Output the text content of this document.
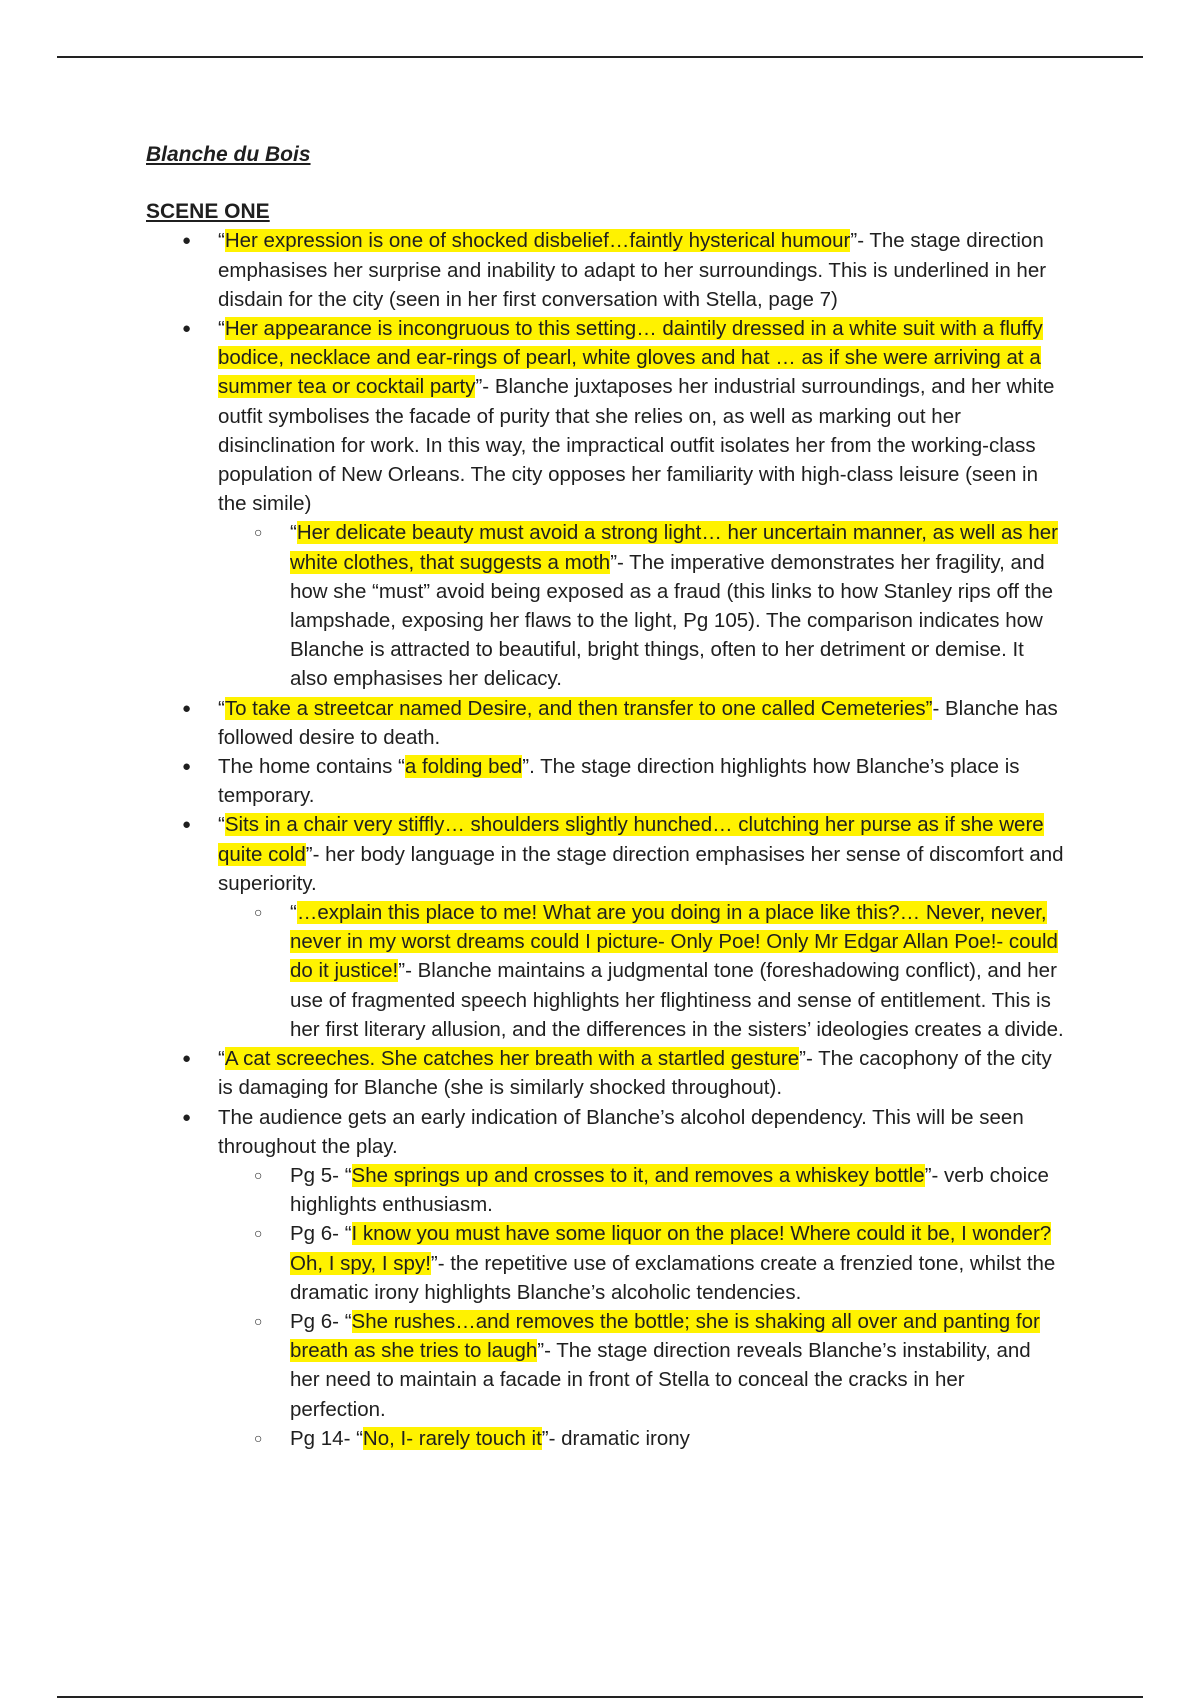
Blanche du Bois

SCENE ONE

● “Her expression is one of shocked disbelief…faintly hysterical humour”- The stage direction emphasises her surprise and inability to adapt to her surroundings. This is underlined in her disdain for the city (seen in her first conversation with Stella, page 7)
● “Her appearance is incongruous to this setting… daintily dressed in a white suit with a fluffy bodice, necklace and ear-rings of pearl, white gloves and hat … as if she were arriving at a summer tea or cocktail party”- Blanche juxtaposes her industrial surroundings, and her white outfit symbolises the facade of purity that she relies on, as well as marking out her disinclination for work. In this way, the impractical outfit isolates her from the working-class population of New Orleans. The city opposes her familiarity with high-class leisure (seen in the simile)
○ “Her delicate beauty must avoid a strong light… her uncertain manner, as well as her white clothes, that suggests a moth”- The imperative demonstrates her fragility, and how she “must” avoid being exposed as a fraud (this links to how Stanley rips off the lampshade, exposing her flaws to the light, Pg 105). The comparison indicates how Blanche is attracted to beautiful, bright things, often to her detriment or demise. It also emphasises her delicacy.
● “To take a streetcar named Desire, and then transfer to one called Cemeteries”- Blanche has followed desire to death.
● The home contains “a folding bed”. The stage direction highlights how Blanche’s place is temporary.
● “Sits in a chair very stiffly… shoulders slightly hunched… clutching her purse as if she were quite cold”- her body language in the stage direction emphasises her sense of discomfort and superiority.
○ “…explain this place to me! What are you doing in a place like this?… Never, never, never in my worst dreams could I picture- Only Poe! Only Mr Edgar Allan Poe!- could do it justice!”- Blanche maintains a judgmental tone (foreshadowing conflict), and her use of fragmented speech highlights her flightiness and sense of entitlement. This is her first literary allusion, and the differences in the sisters’ ideologies creates a divide.
● “A cat screeches. She catches her breath with a startled gesture”- The cacophony of the city is damaging for Blanche (she is similarly shocked throughout).
● The audience gets an early indication of Blanche’s alcohol dependency. This will be seen throughout the play.
○ Pg 5- “She springs up and crosses to it, and removes a whiskey bottle”- verb choice highlights enthusiasm.
○ Pg 6- “I know you must have some liquor on the place! Where could it be, I wonder? Oh, I spy, I spy!”- the repetitive use of exclamations create a frenzied tone, whilst the dramatic irony highlights Blanche’s alcoholic tendencies.
○ Pg 6- “She rushes…and removes the bottle; she is shaking all over and panting for breath as she tries to laugh”- The stage direction reveals Blanche’s instability, and her need to maintain a facade in front of Stella to conceal the cracks in her perfection.
○ Pg 14- “No, I- rarely touch it”- dramatic irony
